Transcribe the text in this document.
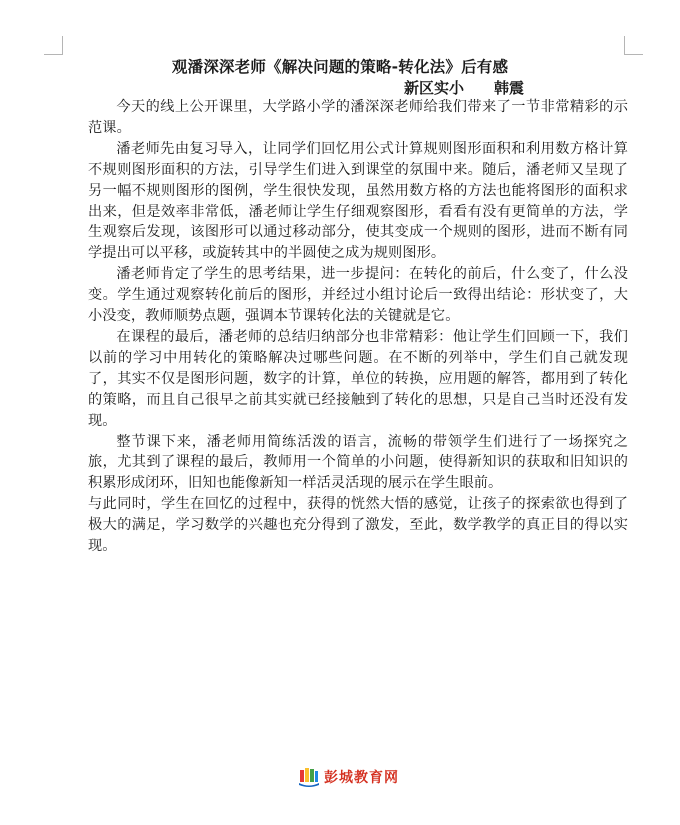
观潘深深老师《解决问题的策略-转化法》后有感
新区实小 韩震

今天的线上公开课里，大学路小学的潘深深老师给我们带来了一节非常精彩的示范课。

潘老师先由复习导入，让同学们回忆用公式计算规则图形面积和利用数方格计算不规则图形面积的方法，引导学生们进入到课堂的氛围中来。随后，潘老师又呈现了另一幅不规则图形的图例，学生很快发现，虽然用数方格的方法也能将图形的面积求出来，但是效率非常低，潘老师让学生仔细观察图形，看看有没有更简单的方法，学生观察后发现，该图形可以通过移动部分，使其变成一个规则的图形，进而不断有同学提出可以平移，或旋转其中的半圆使之成为规则图形。

潘老师肯定了学生的思考结果，进一步提问：在转化的前后，什么变了，什么没变。学生通过观察转化前后的图形，并经过小组讨论后一致得出结论：形状变了，大小没变，教师顺势点题，强调本节课转化法的关键就是它。

在课程的最后，潘老师的总结归纳部分也非常精彩：他让学生们回顾一下，我们以前的学习中用转化的策略解决过哪些问题。在不断的列举中，学生们自己就发现了，其实不仅是图形问题，数字的计算，单位的转换，应用题的解答，都用到了转化的策略，而且自己很早之前其实就已经接触到了转化的思想，只是自己当时还没有发现。

整节课下来，潘老师用简练活泼的语言，流畅的带领学生们进行了一场探究之旅，尤其到了课程的最后，教师用一个简单的小问题，使得新知识的获取和旧知识的积累形成闭环，旧知也能像新知一样活灵活现的展示在学生眼前。

与此同时，学生在回忆的过程中，获得的恍然大悟的感觉，让孩子的探索欲也得到了极大的满足，学习数学的兴趣也充分得到了激发，至此，数学教学的真正目的得以实现。

彭城教育网
